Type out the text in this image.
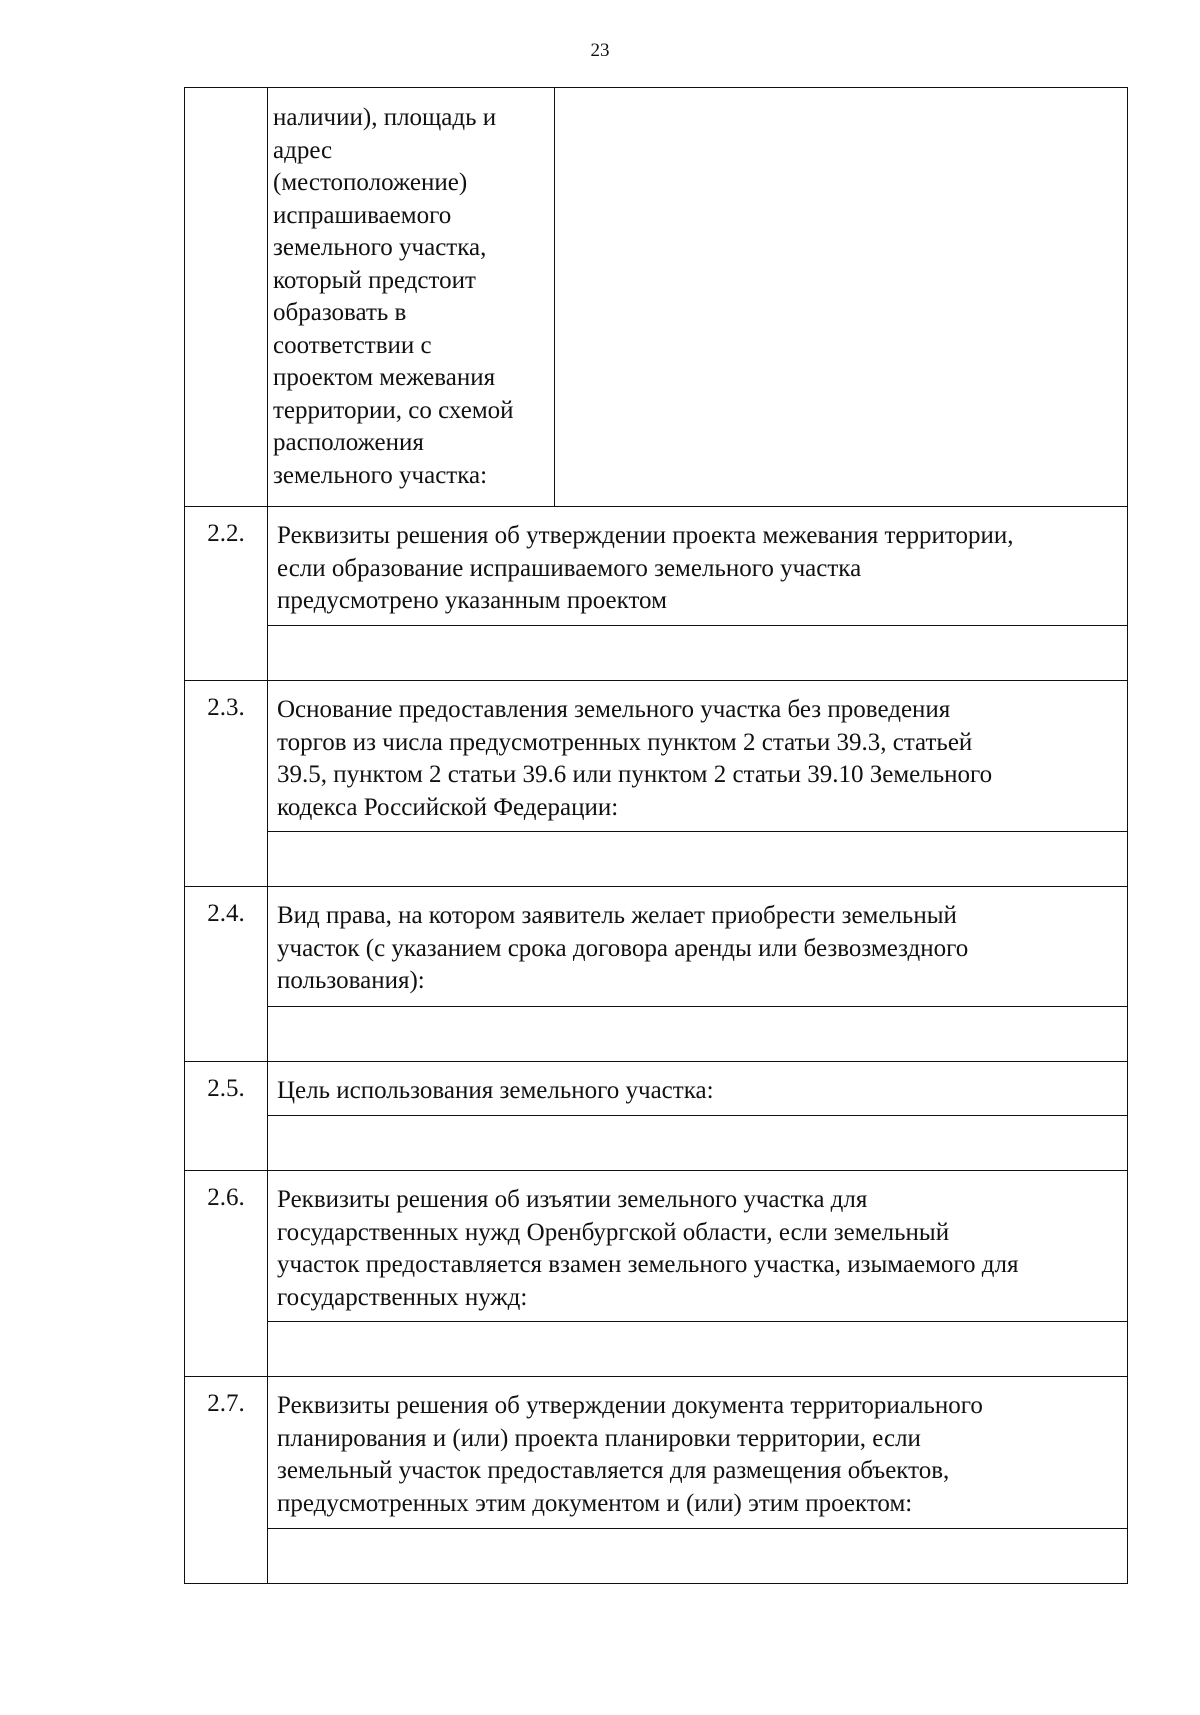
23
наличии), площадь и
адрес
(местоположение)
испрашиваемого
земельного участка,
который предстоит
образовать в
соответствии с
проектом межевания
территории, со схемой
расположения
земельного участка:
2.2.	Реквизиты решения об утверждении проекта межевания территории,
если образование испрашиваемого земельного участка
предусмотрено указанным проектом
2.3.	Основание предоставления земельного участка без проведения
торгов из числа предусмотренных пунктом 2 статьи 39.3, статьей
39.5, пунктом 2 статьи 39.6 или пунктом 2 статьи 39.10 Земельного
кодекса Российской Федерации:
2.4.	Вид права, на котором заявитель желает приобрести земельный
участок (с указанием срока договора аренды или безвозмездного
пользования):
2.5.	Цель использования земельного участка:
2.6.	Реквизиты решения об изъятии земельного участка для
государственных нужд Оренбургской области, если земельный
участок предоставляется взамен земельного участка, изымаемого для
государственных нужд:
2.7.	Реквизиты решения об утверждении документа территориального
планирования и (или) проекта планировки территории, если
земельный участок предоставляется для размещения объектов,
предусмотренных этим документом и (или) этим проектом:
